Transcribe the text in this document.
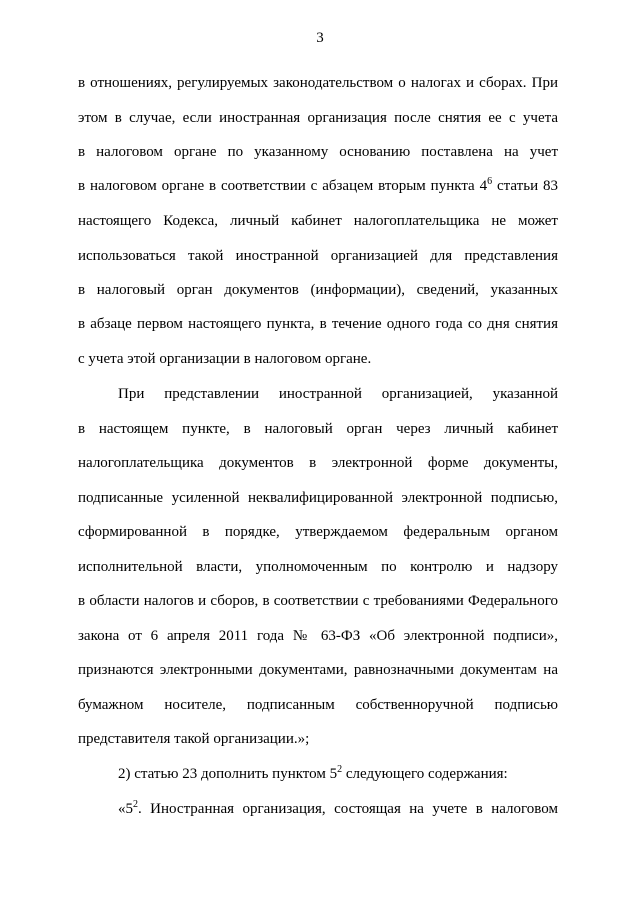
3
в отношениях, регулируемых законодательством о налогах и сборах. При
этом в случае, если иностранная организация после снятия ее с учета
в налоговом органе по указанному основанию поставлена на учет
в налоговом органе в соответствии с абзацем вторым пункта $4^6$ статьи 83
настоящего Кодекса, личный кабинет налогоплательщика не может
использоваться такой иностранной организацией для представления
в налоговый орган документов (информации), сведений, указанных
в абзаце первом настоящего пункта, в течение одного года со дня снятия
с учета этой организации в налоговом органе.
При представлении иностранной организацией, указанной
в настоящем пункте, в налоговый орган через личный кабинет
налогоплательщика документов в электронной форме документы,
подписанные усиленной неквалифицированной электронной подписью,
сформированной в порядке, утверждаемом федеральным органом
исполнительной власти, уполномоченным по контролю и надзору
в области налогов и сборов, в соответствии с требованиями Федерального
закона от 6 апреля 2011 года № 63-ФЗ «Об электронной подписи»,
признаются электронными документами, равнозначными документам на
бумажном носителе, подписанным собственноручной подписью
представителя такой организации.»;
2) статью 23 дополнить пунктом $5^2$ следующего содержания:
«$5^2$. Иностранная организация, состоящая на учете в налоговом
